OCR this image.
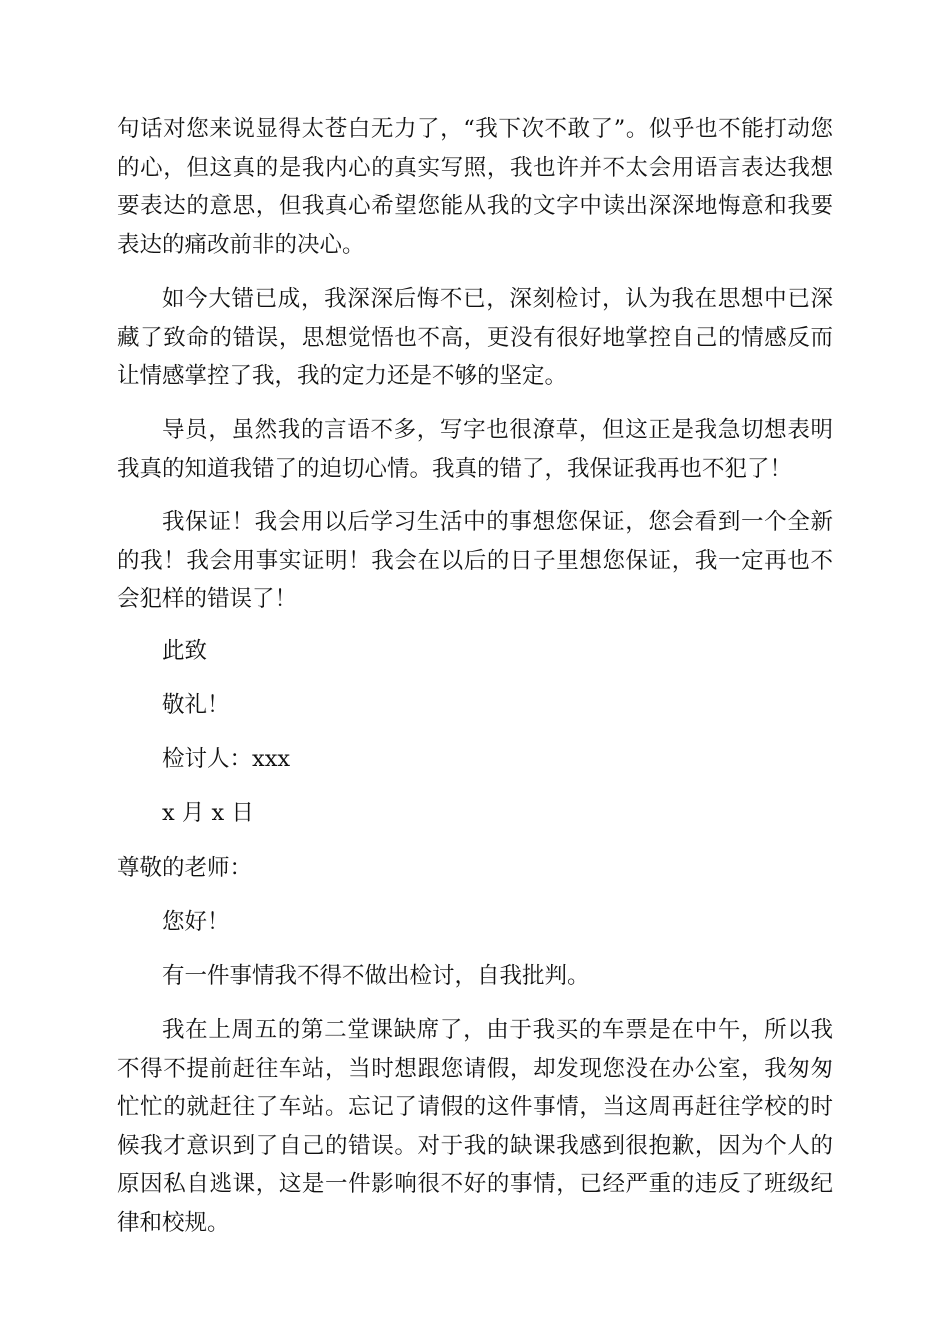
句话对您来说显得太苍白无力了，“我下次不敢了”。似乎也不能打动您的心，但这真的是我内心的真实写照，我也许并不太会用语言表达我想要表达的意思，但我真心希望您能从我的文字中读出深深地悔意和我要表达的痛改前非的决心。

如今大错已成，我深深后悔不已，深刻检讨，认为我在思想中已深藏了致命的错误，思想觉悟也不高，更没有很好地掌控自己的情感反而让情感掌控了我，我的定力还是不够的坚定。

导员，虽然我的言语不多，写字也很潦草，但这正是我急切想表明我真的知道我错了的迫切心情。我真的错了，我保证我再也不犯了！

我保证！我会用以后学习生活中的事想您保证，您会看到一个全新的我！我会用事实证明！我会在以后的日子里想您保证，我一定再也不会犯样的错误了！

此致

敬礼！

检讨人：xxx

x 月 x 日

尊敬的老师：

您好！

有一件事情我不得不做出检讨，自我批判。

我在上周五的第二堂课缺席了，由于我买的车票是在中午，所以我不得不提前赶往车站，当时想跟您请假，却发现您没在办公室，我匆匆忙忙的就赶往了车站。忘记了请假的这件事情，当这周再赶往学校的时候我才意识到了自己的错误。对于我的缺课我感到很抱歉，因为个人的原因私自逃课，这是一件影响很不好的事情，已经严重的违反了班级纪律和校规。
